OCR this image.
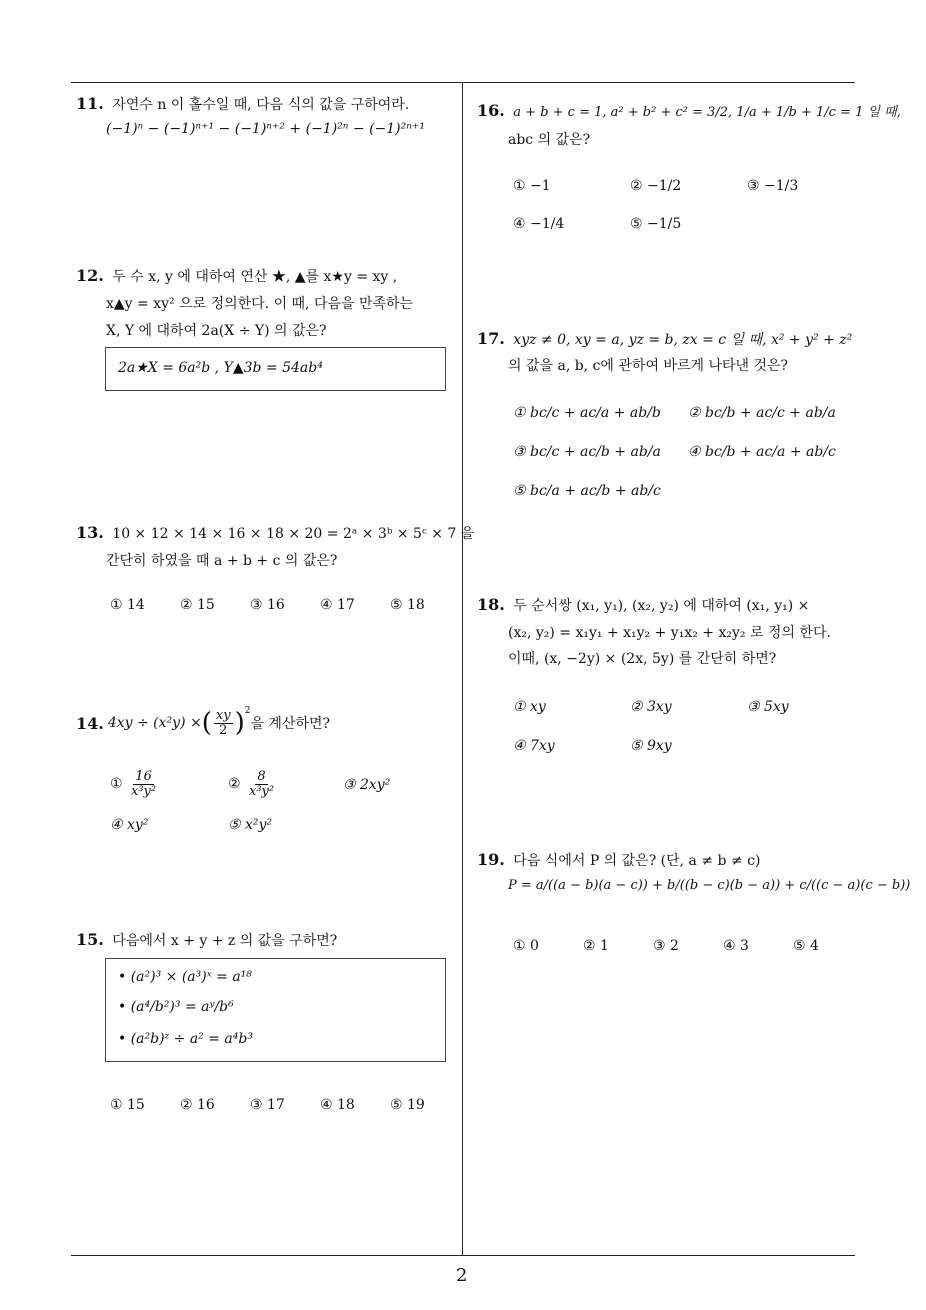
2
11. 자연수 n 이 홀수일 때, 다음 식의 값을 구하여라.
(−1)ⁿ − (−1)ⁿ⁺¹ − (−1)ⁿ⁺² + (−1)²ⁿ − (−1)²ⁿ⁺¹
12. 두 수 x, y 에 대하여 연산 ★, ▲를 x★y = xy ,
x▲y = xy² 으로 정의한다. 이 때, 다음을 만족하는
X, Y 에 대하여 2a(X ÷ Y) 의 값은?
2a★X = 6a²b , Y▲3b = 54ab⁴
13. 10 × 12 × 14 × 16 × 18 × 20 = 2ᵃ × 3ᵇ × 5ᶜ × 7 을
간단히 하였을 때 a + b + c 의 값은?
① 14	② 15	③ 16	④ 17	⑤ 18
14. 4xy ÷ (x²y) × ( $\frac{xy}{2} )^2$
을 계산하면?
① $\frac{16}{\text{x³y²}}$	② $\frac{8}{\text{x³y²}}$	③ 2xy²
④ xy²	⑤ x²y²
15. 다음에서 x + y + z 의 값을 구하면?
• (a²)³ × (a³)ˣ = a¹⁸
• (a⁴/b²)³ = aʸ/b⁶
• (a²b)ᶻ ÷ a² = a⁴b³
① 15	② 16	③ 17	④ 18	⑤ 19
16. a + b + c = 1, a² + b² + c² = 3/2, 1/a + 1/b + 1/c = 1 일 때,
abc 의 값은?
① −1	② −1/2	③ −1/3
④ −1/4	⑤ −1/5
17. xyz ≠ 0, xy = a, yz = b, zx = c 일 때, x² + y² + z²
의 값을 a, b, c에 관하여 바르게 나타낸 것은?
① bc/c + ac/a + ab/b ② bc/b + ac/c + ab/a
③ bc/c + ac/b + ab/a ④ bc/b + ac/a + ab/c
⑤ bc/a + ac/b + ab/c
18. 두 순서쌍 (x₁, y₁), (x₂, y₂) 에 대하여 (x₁, y₁) ×
(x₂, y₂) = x₁y₁ + x₁y₂ + y₁x₂ + x₂y₂ 로 정의 한다.
이때, (x, −2y) × (2x, 5y) 를 간단히 하면?
① xy	② 3xy	③ 5xy
④ 7xy	⑤ 9xy
19. 다음 식에서 P 의 값은? (단, a ≠ b ≠ c)
P = a/((a − b)(a − c)) + b/((b − c)(b − a)) + c/((c − a)(c − b))
① 0	② 1	③ 2	④ 3	⑤ 4
